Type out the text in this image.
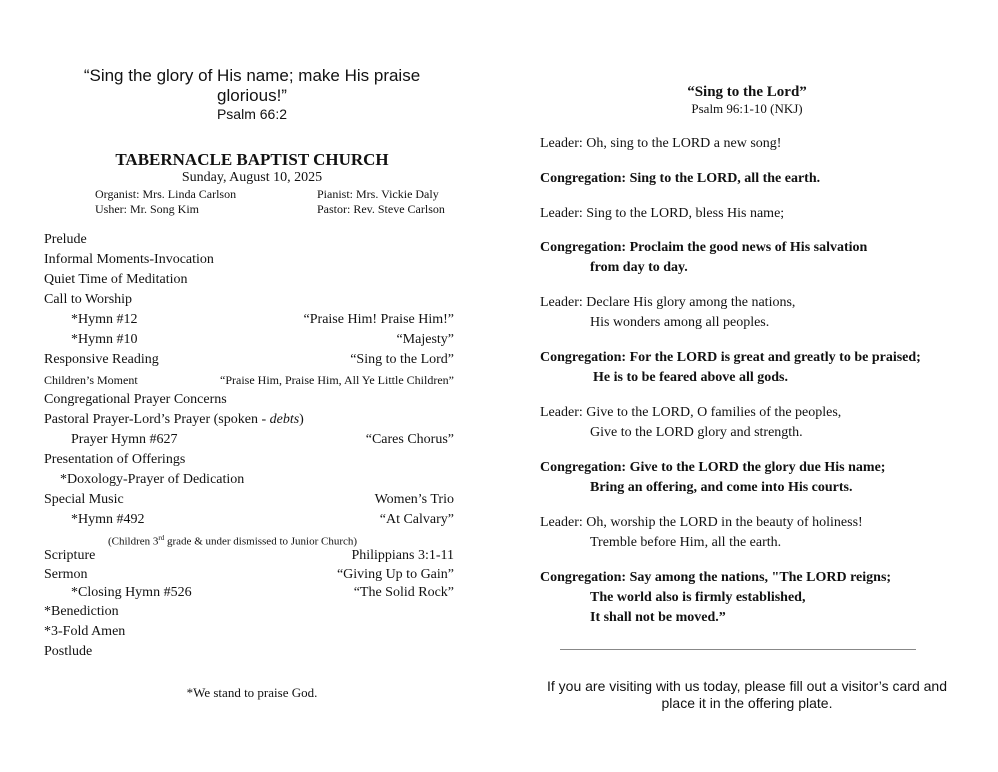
“Sing the glory of His name; make His praise glorious!”
Psalm 66:2
TABERNACLE BAPTIST CHURCH
Sunday, August 10, 2025
Organist: Mrs. Linda Carlson	Pianist: Mrs. Vickie Daly
Usher: Mr. Song Kim	Pastor: Rev. Steve Carlson
Prelude
Informal Moments-Invocation
Quiet Time of Meditation
Call to Worship
*Hymn #12	“Praise Him! Praise Him!”
*Hymn #10	“Majesty”
Responsive Reading	“Sing to the Lord”
Children’s Moment	“Praise Him, Praise Him, All Ye Little Children”
Congregational Prayer Concerns
Pastoral Prayer-Lord’s Prayer (spoken - debts)
Prayer Hymn #627	“Cares Chorus”
Presentation of Offerings
*Doxology-Prayer of Dedication
Special Music	Women’s Trio
*Hymn #492	“At Calvary”
(Children 3rd grade & under dismissed to Junior Church)
Scripture	Philippians 3:1-11
Sermon	“Giving Up to Gain”
*Closing Hymn #526	“The Solid Rock”
*Benediction
*3-Fold Amen
Postlude
*We stand to praise God.
“Sing to the Lord”
Psalm 96:1-10 (NKJ)
Leader: Oh, sing to the LORD a new song!
Congregation: Sing to the LORD, all the earth.
Leader: Sing to the LORD, bless His name;
Congregation: Proclaim the good news of His salvation
from day to day.
Leader: Declare His glory among the nations,
His wonders among all peoples.
Congregation: For the LORD is great and greatly to be praised;
He is to be feared above all gods.
Leader: Give to the LORD, O families of the peoples,
Give to the LORD glory and strength.
Congregation: Give to the LORD the glory due His name;
Bring an offering, and come into His courts.
Leader: Oh, worship the LORD in the beauty of holiness!
Tremble before Him, all the earth.
Congregation: Say among the nations, "The LORD reigns;
The world also is firmly established,
It shall not be moved.”
If you are visiting with us today, please fill out a visitor’s card and place it in the offering plate.
